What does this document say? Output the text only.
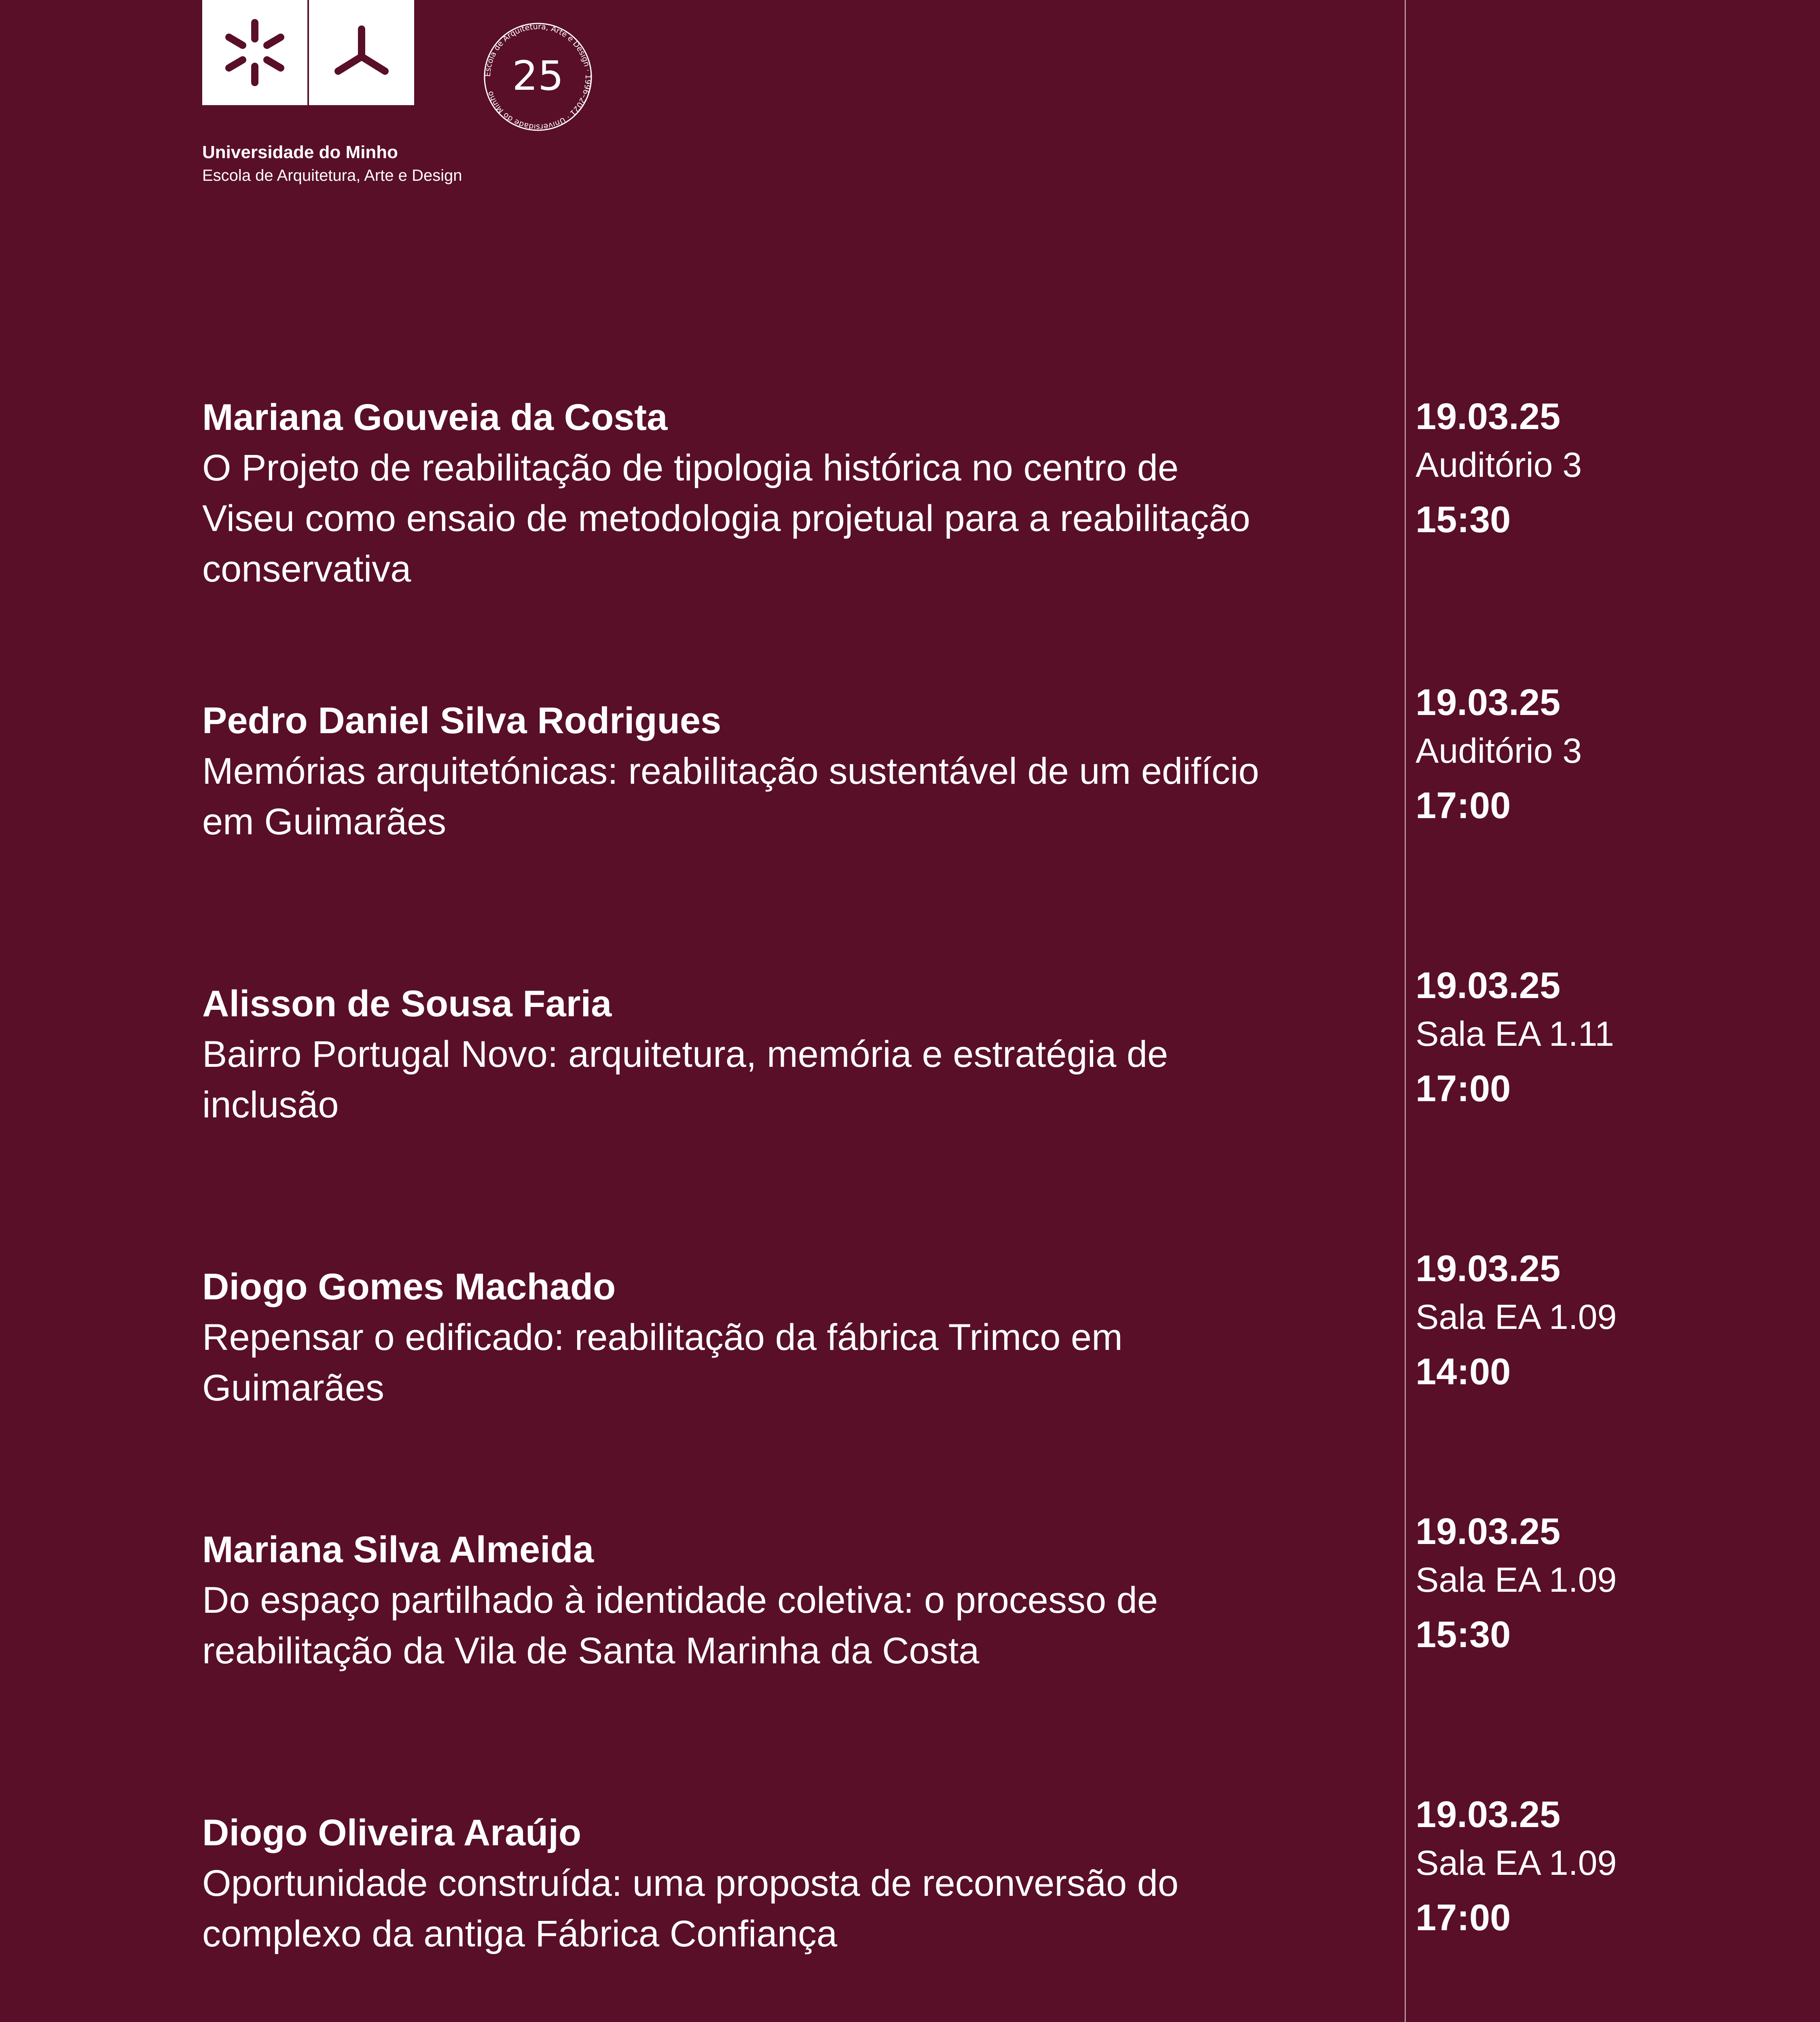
Escola de Arquitetura, Arte e Design · 1996–2021 · Universidade do Minho 25
Universidade do Minho
Escola de Arquitetura, Arte e Design
Mariana Gouveia da Costa
O Projeto de reabilitação de tipologia histórica no centro de Viseu como ensaio de metodologia projetual para a reabilitação conservativa
19.03.25
Auditório 3
15:30
Pedro Daniel Silva Rodrigues
Memórias arquitetónicas: reabilitação sustentável de um edifício em Guimarães
19.03.25
Auditório 3
17:00
Alisson de Sousa Faria
Bairro Portugal Novo: arquitetura, memória e estratégia de inclusão
19.03.25
Sala EA 1.11
17:00
Diogo Gomes Machado
Repensar o edificado: reabilitação da fábrica Trimco em Guimarães
19.03.25
Sala EA 1.09
14:00
Mariana Silva Almeida
Do espaço partilhado à identidade coletiva: o processo de reabilitação da Vila de Santa Marinha da Costa
19.03.25
Sala EA 1.09
15:30
Diogo Oliveira Araújo
Oportunidade construída: uma proposta de reconversão do complexo da antiga Fábrica Confiança
19.03.25
Sala EA 1.09
17:00
